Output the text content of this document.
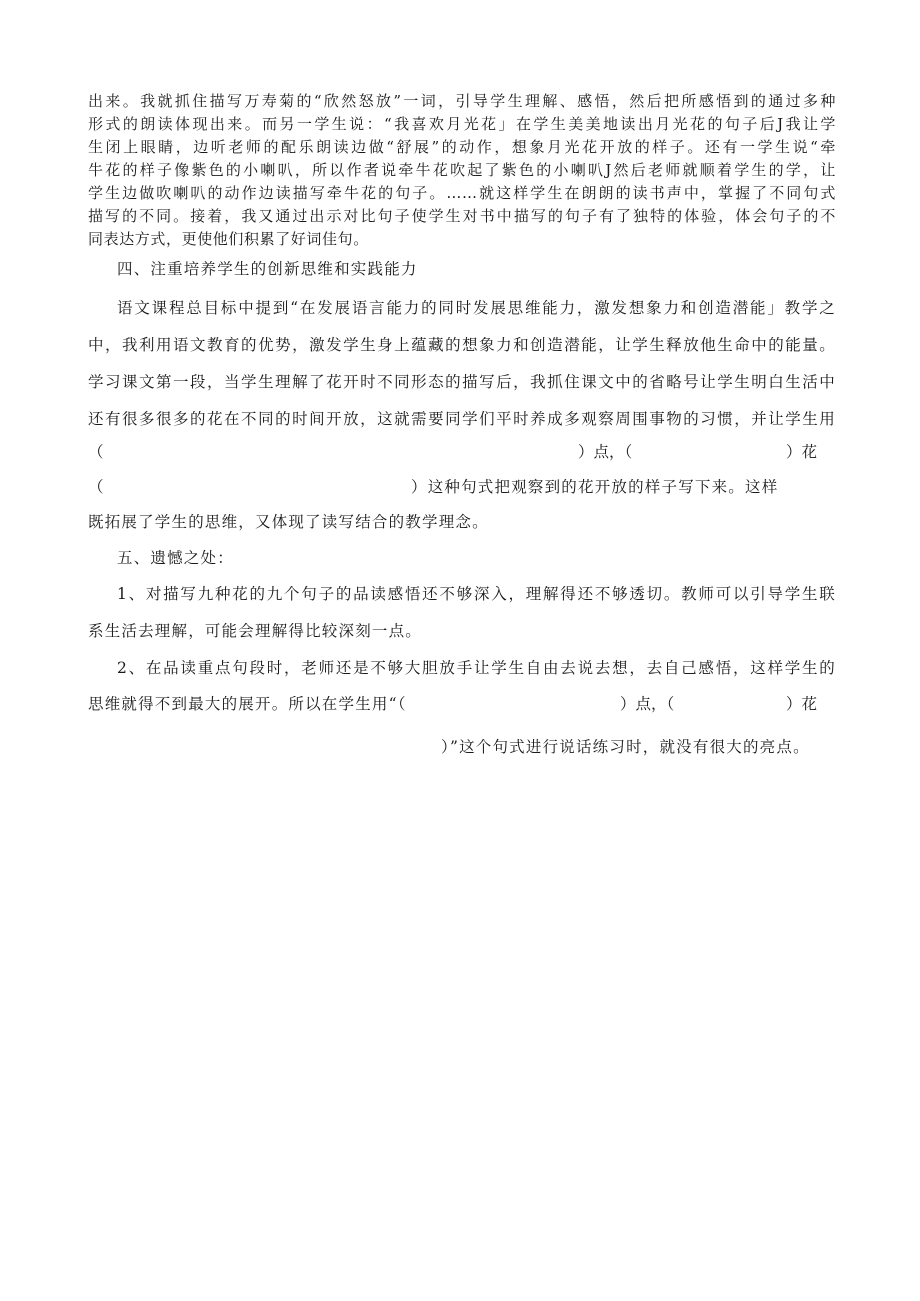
出来。我就抓住描写万寿菊的“欣然怒放”一词，引导学生理解、感悟，然后把所感悟到的通过多种
形式的朗读体现出来。而另一学生说：“我喜欢月光花」在学生美美地读出月光花的句子后J我让学
生闭上眼睛，边听老师的配乐朗读边做“舒展”的动作，想象月光花开放的样子。还有一学生说“牵
牛花的样子像紫色的小喇叭，所以作者说牵牛花吹起了紫色的小喇叭J然后老师就顺着学生的学，让
学生边做吹喇叭的动作边读描写牵牛花的句子。……就这样学生在朗朗的读书声中，掌握了不同句式
描写的不同。接着，我又通过出示对比句子使学生对书中描写的句子有了独特的体验，体会句子的不
同表达方式，更使他们积累了好词佳句。
四、注重培养学生的创新思维和实践能力
语文课程总目标中提到“在发展语言能力的同时发展思维能力，激发想象力和创造潜能」教学之
中，我利用语文教育的优势，激发学生身上蕴藏的想象力和创造潜能，让学生释放他生命中的能量。
学习课文第一段，当学生理解了花开时不同形态的描写后，我抓住课文中的省略号让学生明白生活中
还有很多很多的花在不同的时间开放，这就需要同学们平时养成多观察周围事物的习惯，并让学生用
（	）点，（	）花
（	）这种句式把观察到的花开放的样子写下来。这样
既拓展了学生的思维，又体现了读写结合的教学理念。
五、遗憾之处：
1、对描写九种花的九个句子的品读感悟还不够深入，理解得还不够透切。教师可以引导学生联
系生活去理解，可能会理解得比较深刻一点。
2、在品读重点句段时，老师还是不够大胆放手让学生自由去说去想，去自己感悟，这样学生的
思维就得不到最大的展开。所以在学生用“（	）点，（	）花
）”这个句式进行说话练习时，就没有很大的亮点。
